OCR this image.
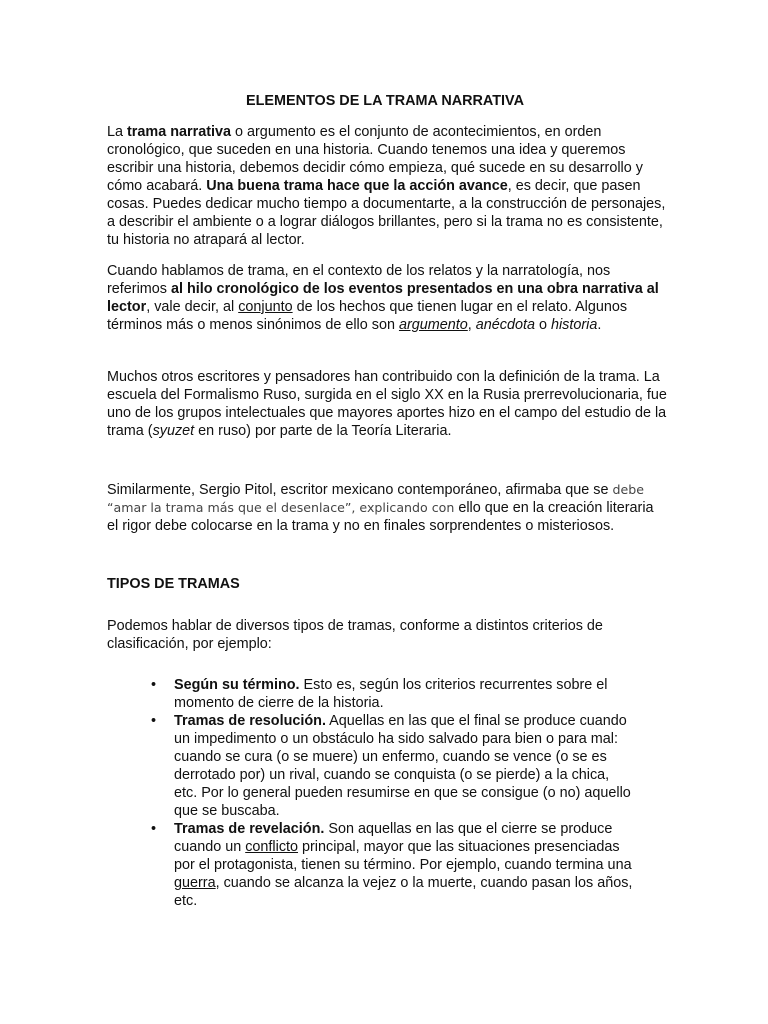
ELEMENTOS DE LA TRAMA NARRATIVA

La trama narrativa o argumento es el conjunto de acontecimientos, en orden cronológico, que suceden en una historia. Cuando tenemos una idea y queremos escribir una historia, debemos decidir cómo empieza, qué sucede en su desarrollo y cómo acabará. Una buena trama hace que la acción avance, es decir, que pasen cosas. Puedes dedicar mucho tiempo a documentarte, a la construcción de personajes, a describir el ambiente o a lograr diálogos brillantes, pero si la trama no es consistente, tu historia no atrapará al lector.

Cuando hablamos de trama, en el contexto de los relatos y la narratología, nos referimos al hilo cronológico de los eventos presentados en una obra narrativa al lector, vale decir, al conjunto de los hechos que tienen lugar en el relato. Algunos términos más o menos sinónimos de ello son argumento, anécdota o historia.

Muchos otros escritores y pensadores han contribuido con la definición de la trama. La escuela del Formalismo Ruso, surgida en el siglo XX en la Rusia prerrevolucionaria, fue uno de los grupos intelectuales que mayores aportes hizo en el campo del estudio de la trama (syuzet en ruso) por parte de la Teoría Literaria.

Similarmente, Sergio Pitol, escritor mexicano contemporáneo, afirmaba que se debe “amar la trama más que el desenlace”, explicando con ello que en la creación literaria el rigor debe colocarse en la trama y no en finales sorprendentes o misteriosos.

TIPOS DE TRAMAS

Podemos hablar de diversos tipos de tramas, conforme a distintos criterios de clasificación, por ejemplo:

• Según su término. Esto es, según los criterios recurrentes sobre el momento de cierre de la historia.
• Tramas de resolución. Aquellas en las que el final se produce cuando un impedimento o un obstáculo ha sido salvado para bien o para mal: cuando se cura (o se muere) un enfermo, cuando se vence (o se es derrotado por) un rival, cuando se conquista (o se pierde) a la chica, etc. Por lo general pueden resumirse en que se consigue (o no) aquello que se buscaba.
• Tramas de revelación. Son aquellas en las que el cierre se produce cuando un conflicto principal, mayor que las situaciones presenciadas por el protagonista, tienen su término. Por ejemplo, cuando termina una guerra, cuando se alcanza la vejez o la muerte, cuando pasan los años, etc.
